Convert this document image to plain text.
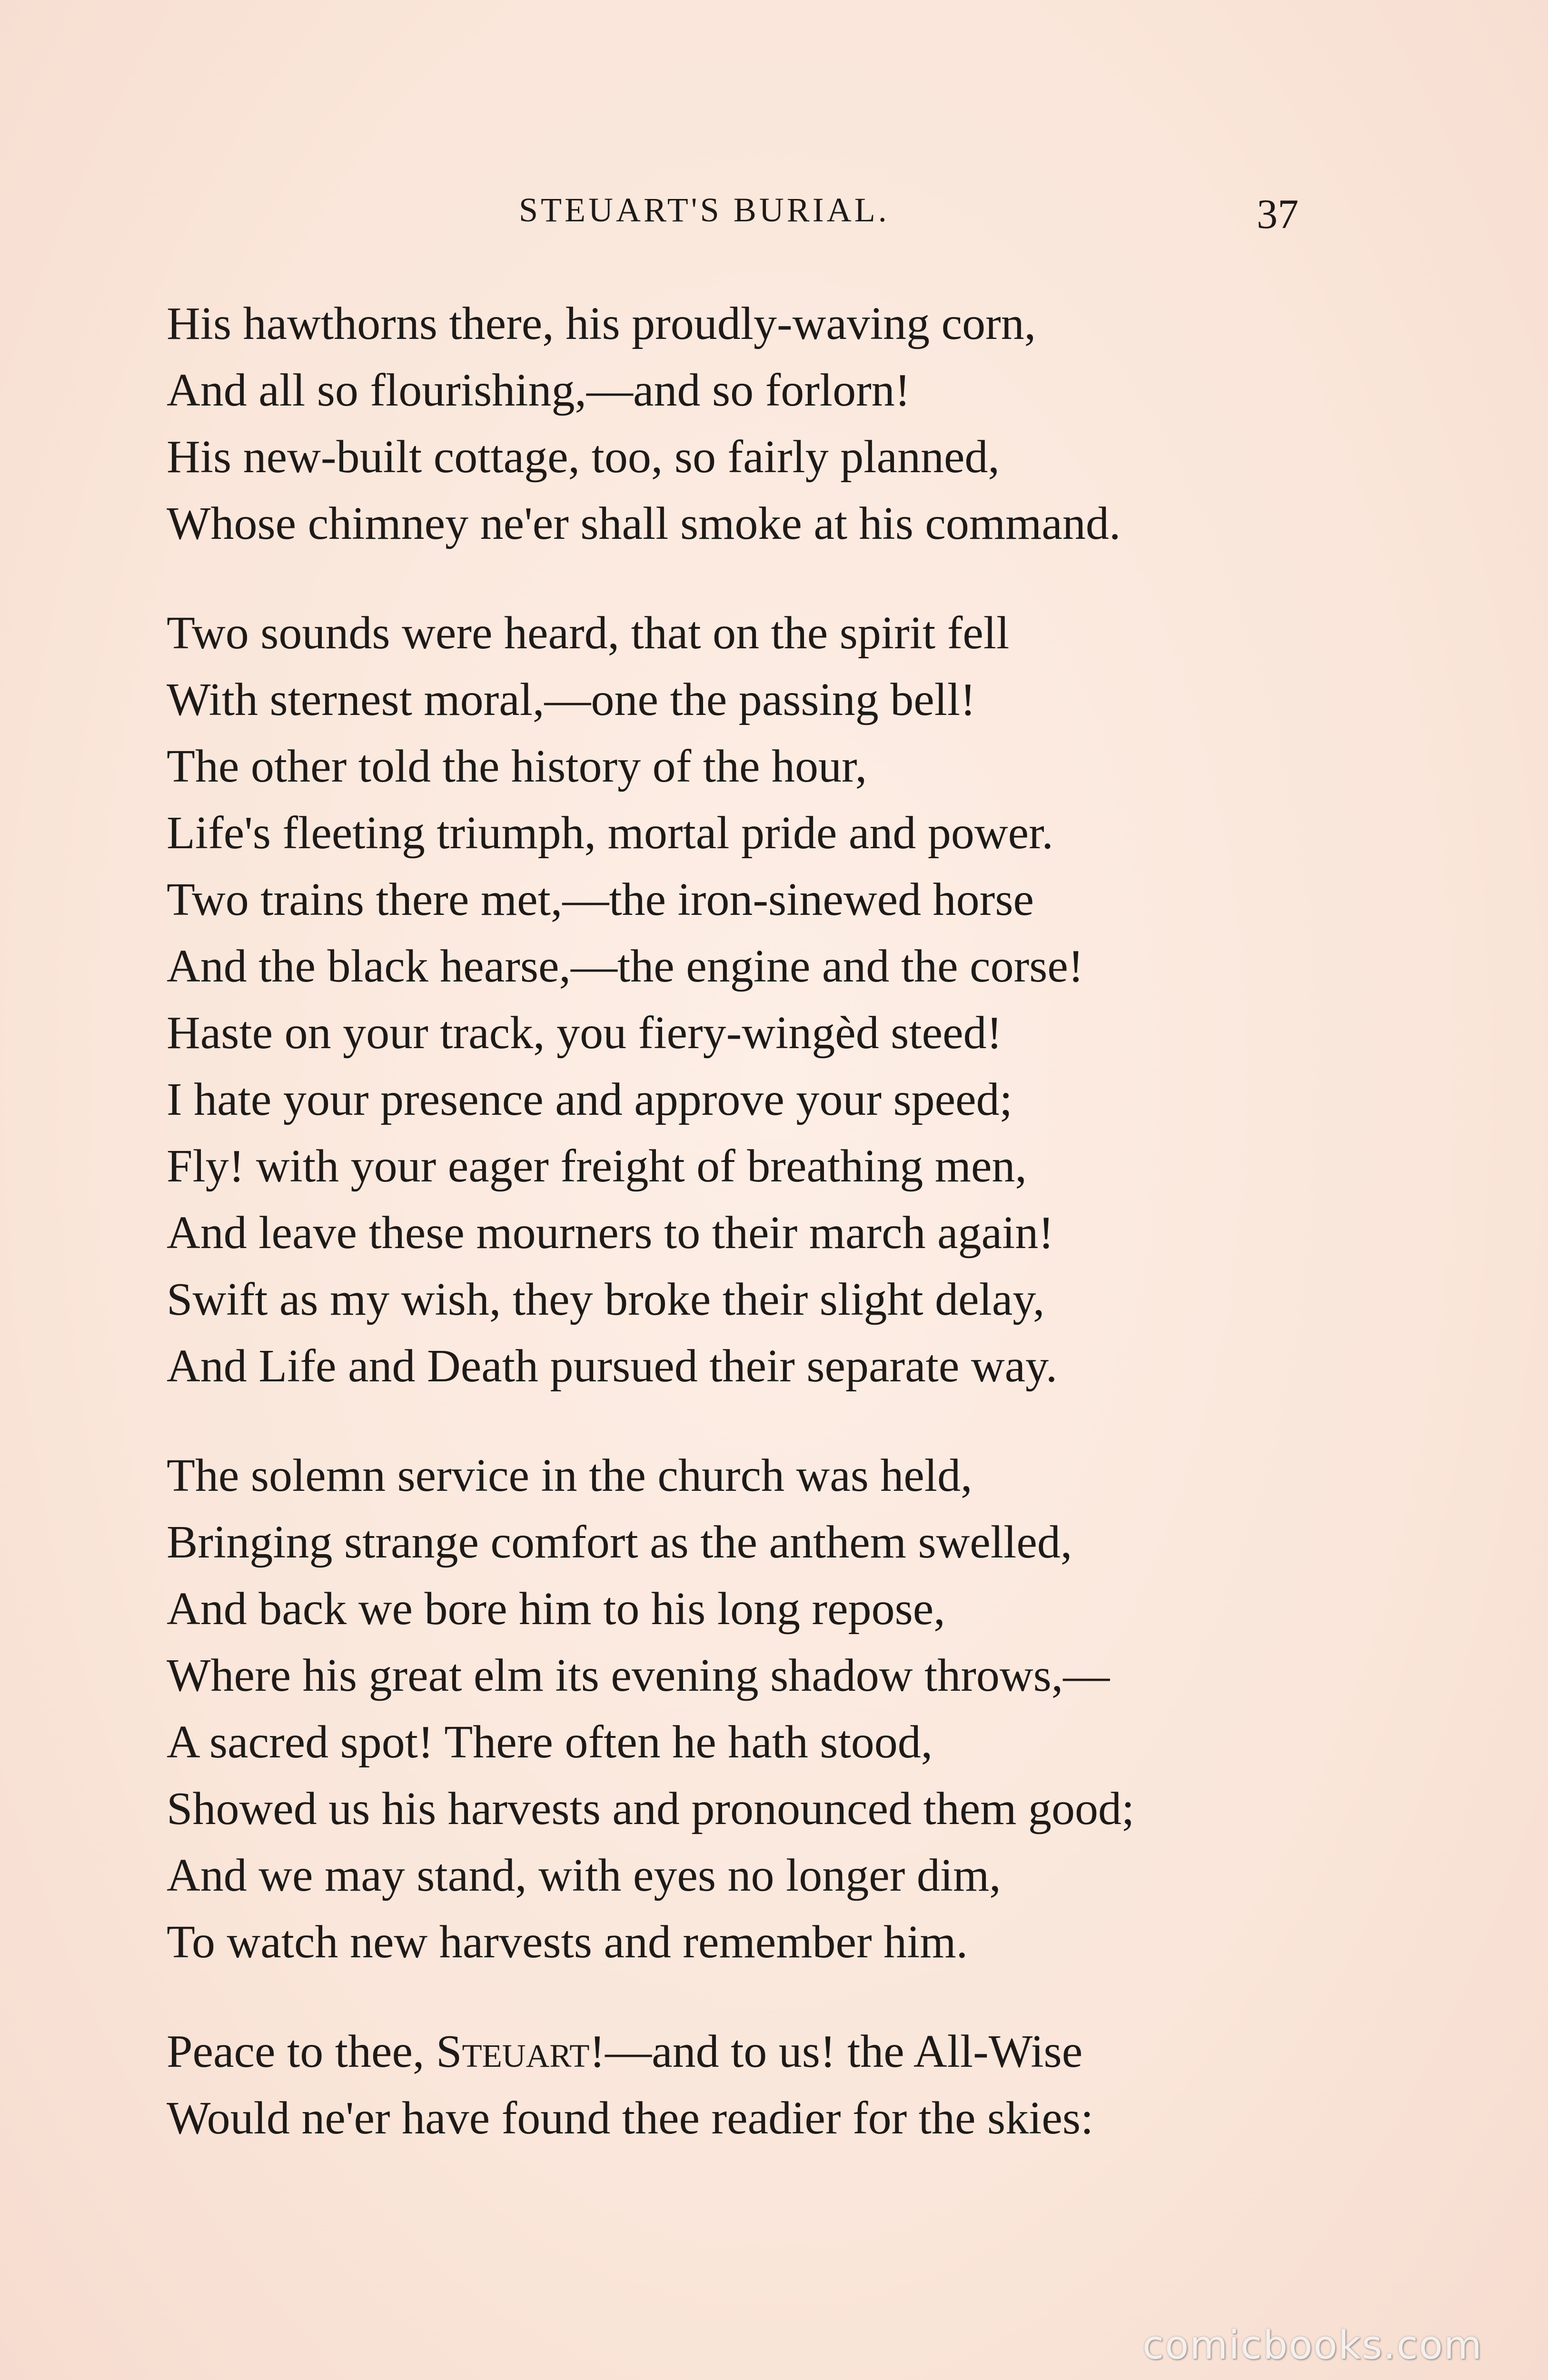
STEUART'S BURIAL.	37
His hawthorns there, his proudly-waving corn,
And all so flourishing,—and so forlorn!
His new-built cottage, too, so fairly planned,
Whose chimney ne'er shall smoke at his command.
Two sounds were heard, that on the spirit fell
With sternest moral,—one the passing bell!
The other told the history of the hour,
Life's fleeting triumph, mortal pride and power.
Two trains there met,—the iron-sinewed horse
And the black hearse,—the engine and the corse!
Haste on your track, you fiery-wingèd steed!
I hate your presence and approve your speed;
Fly! with your eager freight of breathing men,
And leave these mourners to their march again!
Swift as my wish, they broke their slight delay,
And Life and Death pursued their separate way.
The solemn service in the church was held,
Bringing strange comfort as the anthem swelled,
And back we bore him to his long repose,
Where his great elm its evening shadow throws,—
A sacred spot! There often he hath stood,
Showed us his harvests and pronounced them good;
And we may stand, with eyes no longer dim,
To watch new harvests and remember him.
Peace to thee, Steuart!—and to us! the All-Wise
Would ne'er have found thee readier for the skies:
comicbooks.com
